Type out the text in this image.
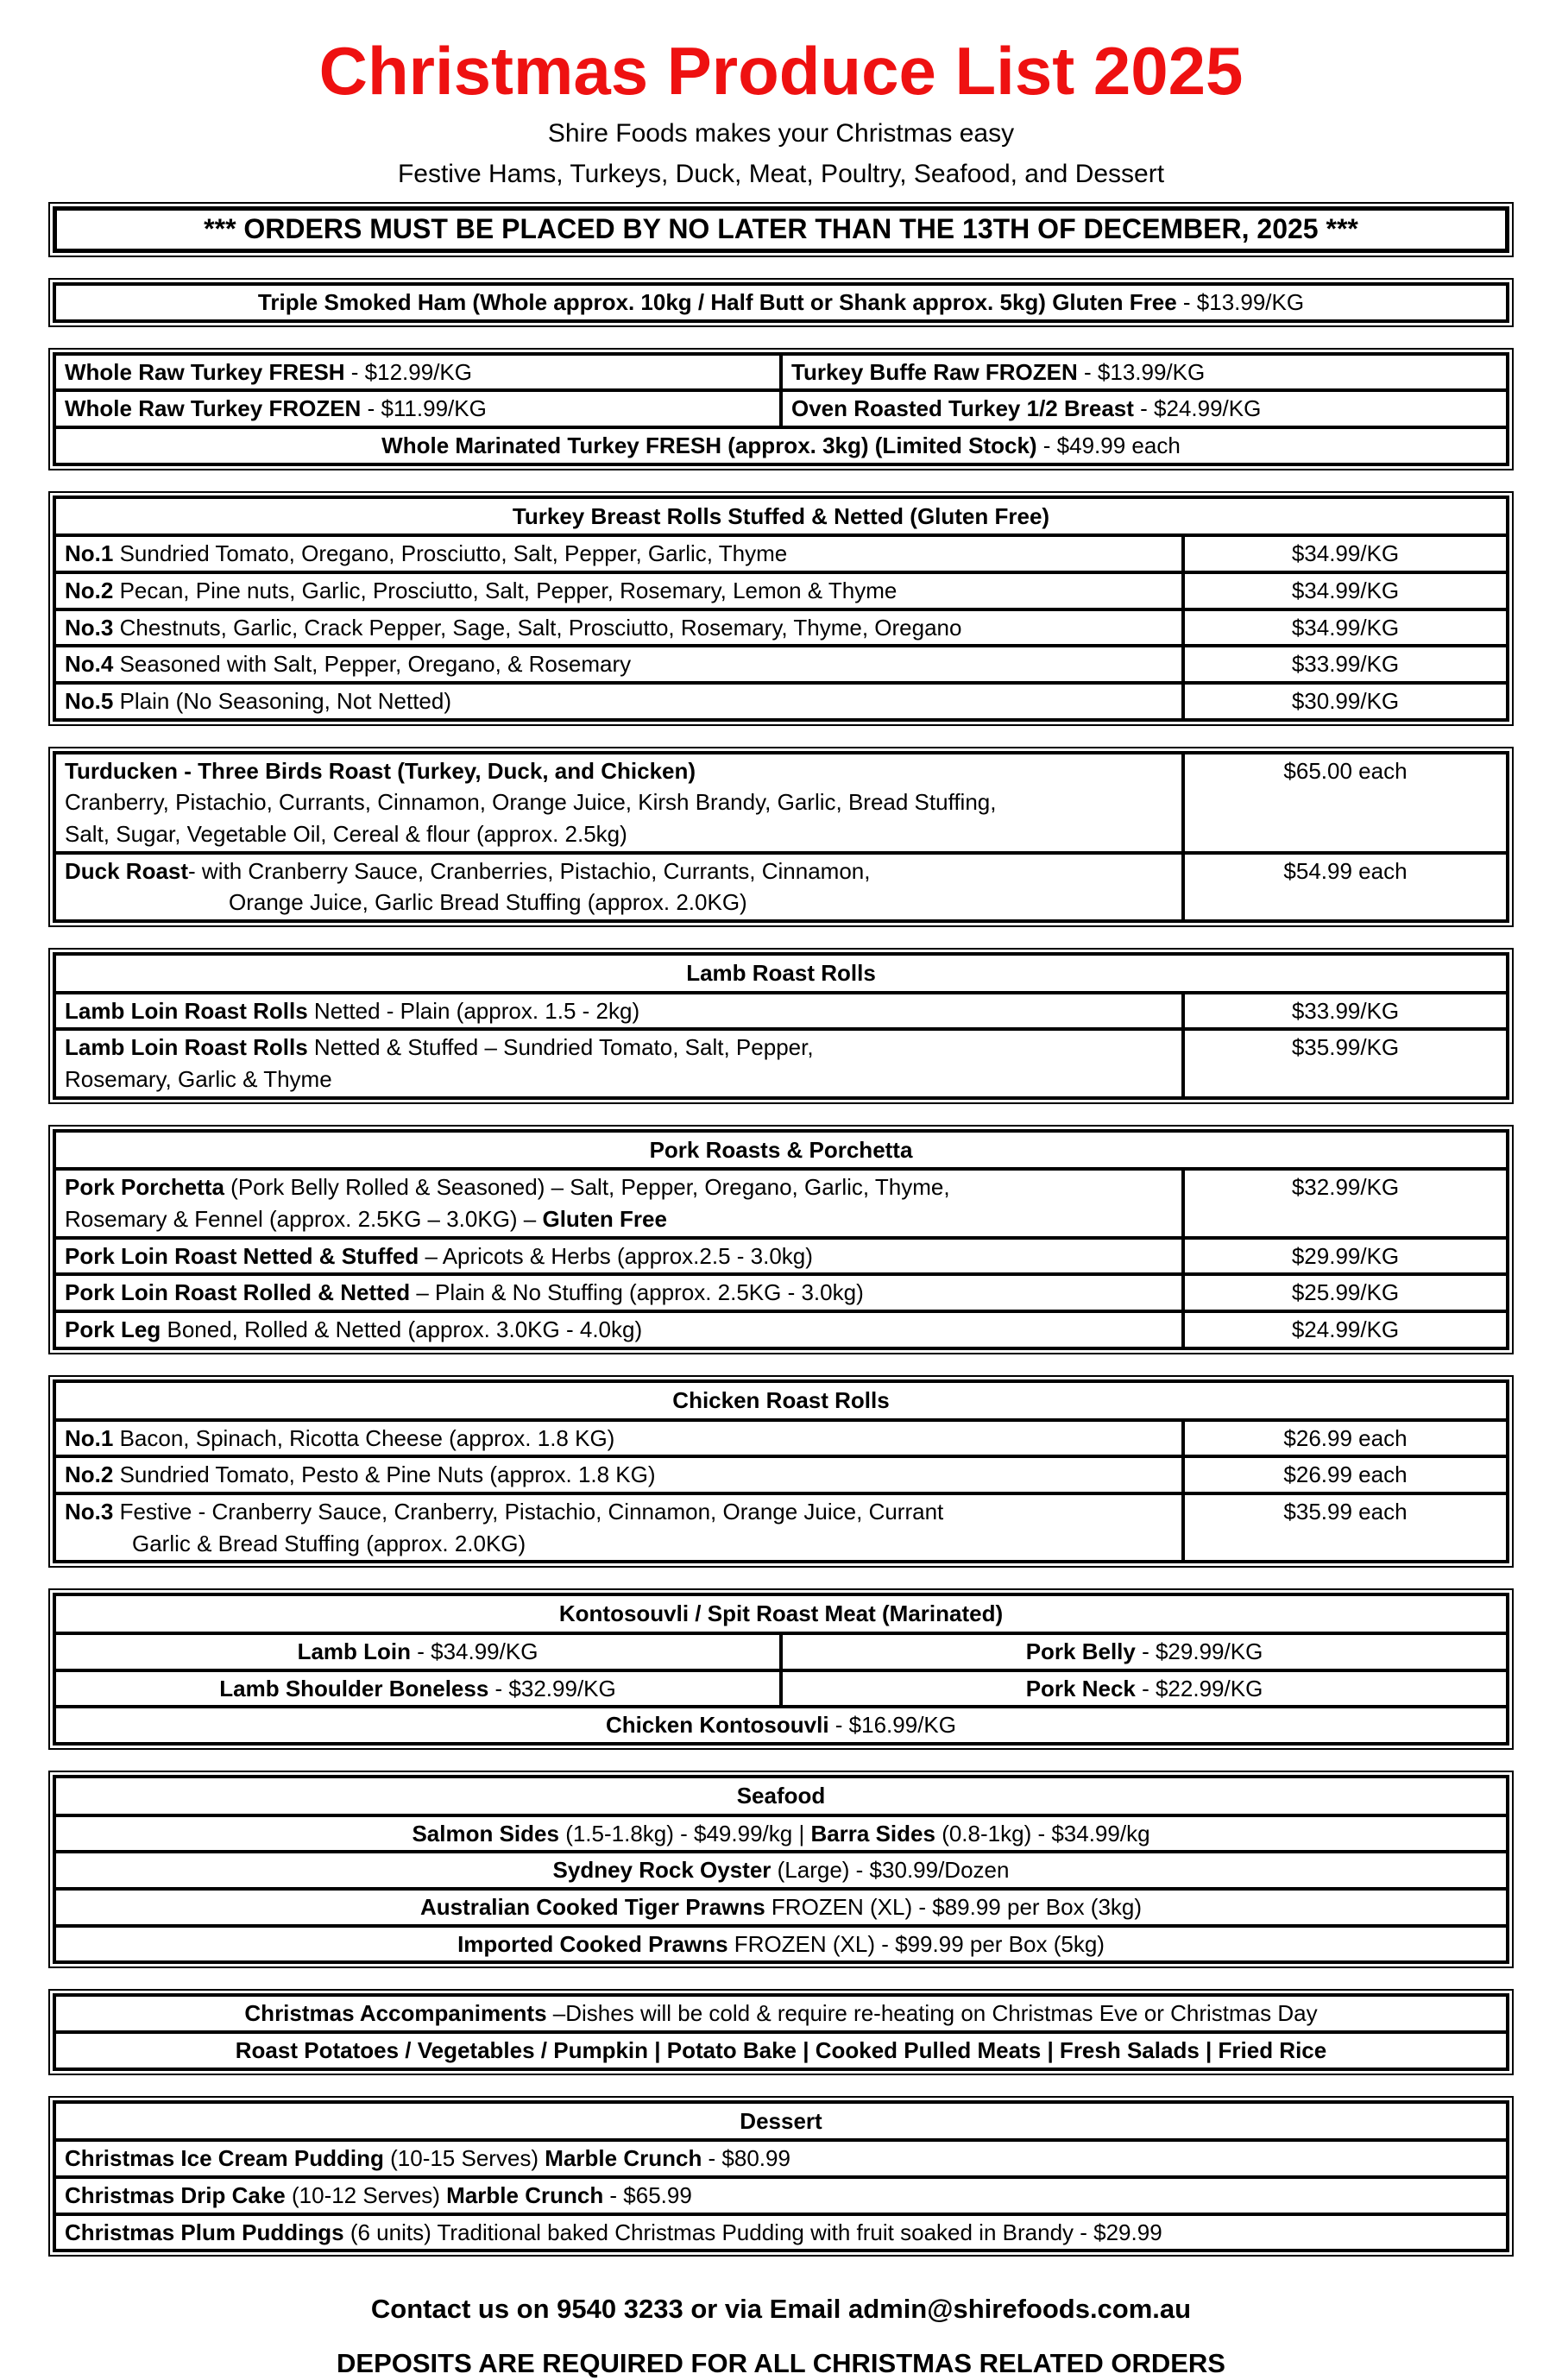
Christmas Produce List 2025

Shire Foods makes your Christmas easy

Festive Hams, Turkeys, Duck, Meat, Poultry, Seafood, and Dessert

*** ORDERS MUST BE PLACED BY NO LATER THAN THE 13TH OF DECEMBER, 2025 ***
Triple Smoked Ham (Whole approx. 10kg / Half Butt or Shank approx. 5kg) Gluten Free - $13.99/KG
Whole Raw Turkey FRESH - $12.99/KG	Turkey Buffe Raw FROZEN - $13.99/KG
Whole Raw Turkey FROZEN - $11.99/KG	Oven Roasted Turkey 1/2 Breast - $24.99/KG
Whole Marinated Turkey FRESH (approx. 3kg) (Limited Stock) - $49.99 each	
Turkey Breast Rolls Stuffed & Netted (Gluten Free)	

No.1 Sundried Tomato, Oregano, Prosciutto, Salt, Pepper, Garlic, Thyme	$34.99/KG

No.2 Pecan, Pine nuts, Garlic, Prosciutto, Salt, Pepper, Rosemary, Lemon & Thyme	$34.99/KG

No.3 Chestnuts, Garlic, Crack Pepper, Sage, Salt, Prosciutto, Rosemary, Thyme, Oregano	$34.99/KG

No.4 Seasoned with Salt, Pepper, Oregano, & Rosemary	$33.99/KG

No.5 Plain (No Seasoning, Not Netted)	$30.99/KG
Turducken - Three Birds Roast (Turkey, Duck, and Chicken)
Cranberry, Pistachio, Currants, Cinnamon, Orange Juice, Kirsh Brandy, Garlic, Bread Stuffing,
Salt, Sugar, Vegetable Oil, Cereal & flour (approx. 2.5kg)	$65.00 each

Duck Roast- with Cranberry Sauce, Cranberries, Pistachio, Currants, Cinnamon,
Orange Juice, Garlic Bread Stuffing (approx. 2.0KG)	$54.99 each
Lamb Roast Rolls	

Lamb Loin Roast Rolls Netted - Plain (approx. 1.5 - 2kg)	$33.99/KG

Lamb Loin Roast Rolls Netted & Stuffed – Sundried Tomato, Salt, Pepper,
Rosemary, Garlic & Thyme	$35.99/KG
Pork Roasts & Porchetta	

Pork Porchetta (Pork Belly Rolled & Seasoned) – Salt, Pepper, Oregano, Garlic, Thyme,
Rosemary & Fennel (approx. 2.5KG – 3.0KG) – Gluten Free	$32.99/KG

Pork Loin Roast Netted & Stuffed – Apricots & Herbs (approx.2.5 - 3.0kg)	$29.99/KG

Pork Loin Roast Rolled & Netted – Plain & No Stuffing (approx. 2.5KG - 3.0kg)	$25.99/KG

Pork Leg Boned, Rolled & Netted (approx. 3.0KG - 4.0kg)	$24.99/KG
Chicken Roast Rolls	

No.1 Bacon, Spinach, Ricotta Cheese (approx. 1.8 KG)	$26.99 each

No.2 Sundried Tomato, Pesto & Pine Nuts (approx. 1.8 KG)	$26.99 each

No.3 Festive - Cranberry Sauce, Cranberry, Pistachio, Cinnamon, Orange Juice, Currant
Garlic & Bread Stuffing (approx. 2.0KG)	$35.99 each
Kontosouvli / Spit Roast Meat (Marinated)	
Lamb Loin - $34.99/KG	Pork Belly - $29.99/KG
Lamb Shoulder Boneless - $32.99/KG	Pork Neck - $22.99/KG
Chicken Kontosouvli - $16.99/KG	
Seafood
Salmon Sides (1.5-1.8kg) - $49.99/kg | Barra Sides (0.8-1kg) - $34.99/kg
Sydney Rock Oyster (Large) - $30.99/Dozen
Australian Cooked Tiger Prawns FROZEN (XL) - $89.99 per Box (3kg)
Imported Cooked Prawns FROZEN (XL) - $99.99 per Box (5kg)
Christmas Accompaniments –Dishes will be cold & require re-heating on Christmas Eve or Christmas Day
Roast Potatoes / Vegetables / Pumpkin | Potato Bake | Cooked Pulled Meats | Fresh Salads | Fried Rice
Dessert
Christmas Ice Cream Pudding (10-15 Serves) Marble Crunch - $80.99
Christmas Drip Cake (10-12 Serves) Marble Crunch - $65.99
Christmas Plum Puddings (6 units) Traditional baked Christmas Pudding with fruit soaked in Brandy - $29.99

Contact us on 9540 3233 or via Email admin@shirefoods.com.au

DEPOSITS ARE REQUIRED FOR ALL CHRISTMAS RELATED ORDERS
